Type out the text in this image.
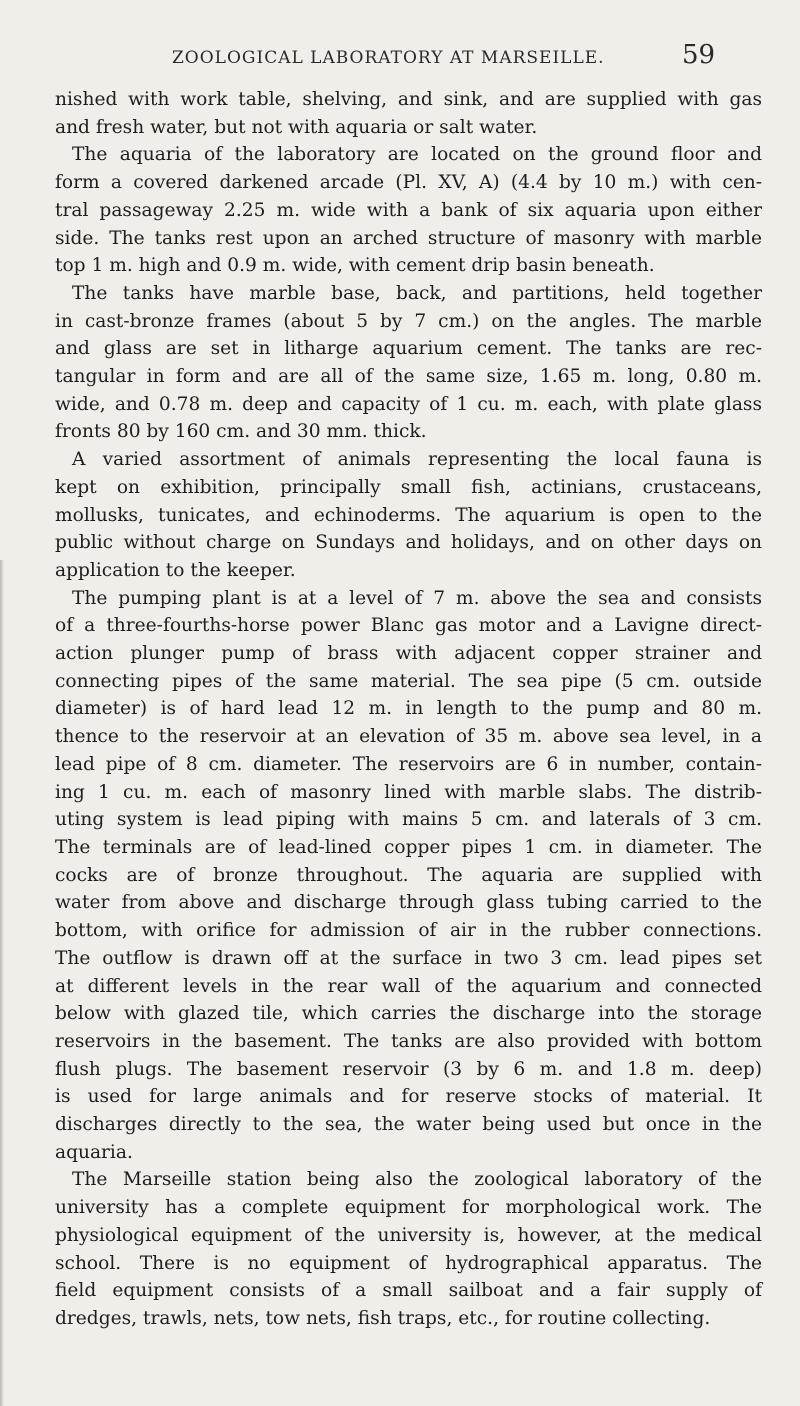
ZOOLOGICAL LABORATORY AT MARSEILLE.	59
nished with work table, shelving, and sink, and are supplied with gas
and fresh water, but not with aquaria or salt water.
The aquaria of the laboratory are located on the ground floor and
form a covered darkened arcade (Pl. XV, A) (4.4 by 10 m.) with cen-
tral passageway 2.25 m. wide with a bank of six aquaria upon either
side. The tanks rest upon an arched structure of masonry with marble
top 1 m. high and 0.9 m. wide, with cement drip basin beneath.
The tanks have marble base, back, and partitions, held together
in cast-bronze frames (about 5 by 7 cm.) on the angles. The marble
and glass are set in litharge aquarium cement. The tanks are rec-
tangular in form and are all of the same size, 1.65 m. long, 0.80 m.
wide, and 0.78 m. deep and capacity of 1 cu. m. each, with plate glass
fronts 80 by 160 cm. and 30 mm. thick.
A varied assortment of animals representing the local fauna is
kept on exhibition, principally small fish, actinians, crustaceans,
mollusks, tunicates, and echinoderms. The aquarium is open to the
public without charge on Sundays and holidays, and on other days on
application to the keeper.
The pumping plant is at a level of 7 m. above the sea and consists
of a three-fourths-horse power Blanc gas motor and a Lavigne direct-
action plunger pump of brass with adjacent copper strainer and
connecting pipes of the same material. The sea pipe (5 cm. outside
diameter) is of hard lead 12 m. in length to the pump and 80 m.
thence to the reservoir at an elevation of 35 m. above sea level, in a
lead pipe of 8 cm. diameter. The reservoirs are 6 in number, contain-
ing 1 cu. m. each of masonry lined with marble slabs. The distrib-
uting system is lead piping with mains 5 cm. and laterals of 3 cm.
The terminals are of lead-lined copper pipes 1 cm. in diameter. The
cocks are of bronze throughout. The aquaria are supplied with
water from above and discharge through glass tubing carried to the
bottom, with orifice for admission of air in the rubber connections.
The outflow is drawn off at the surface in two 3 cm. lead pipes set
at different levels in the rear wall of the aquarium and connected
below with glazed tile, which carries the discharge into the storage
reservoirs in the basement. The tanks are also provided with bottom
flush plugs. The basement reservoir (3 by 6 m. and 1.8 m. deep)
is used for large animals and for reserve stocks of material. It
discharges directly to the sea, the water being used but once in the
aquaria.
The Marseille station being also the zoological laboratory of the
university has a complete equipment for morphological work. The
physiological equipment of the university is, however, at the medical
school. There is no equipment of hydrographical apparatus. The
field equipment consists of a small sailboat and a fair supply of
dredges, trawls, nets, tow nets, fish traps, etc., for routine collecting.
